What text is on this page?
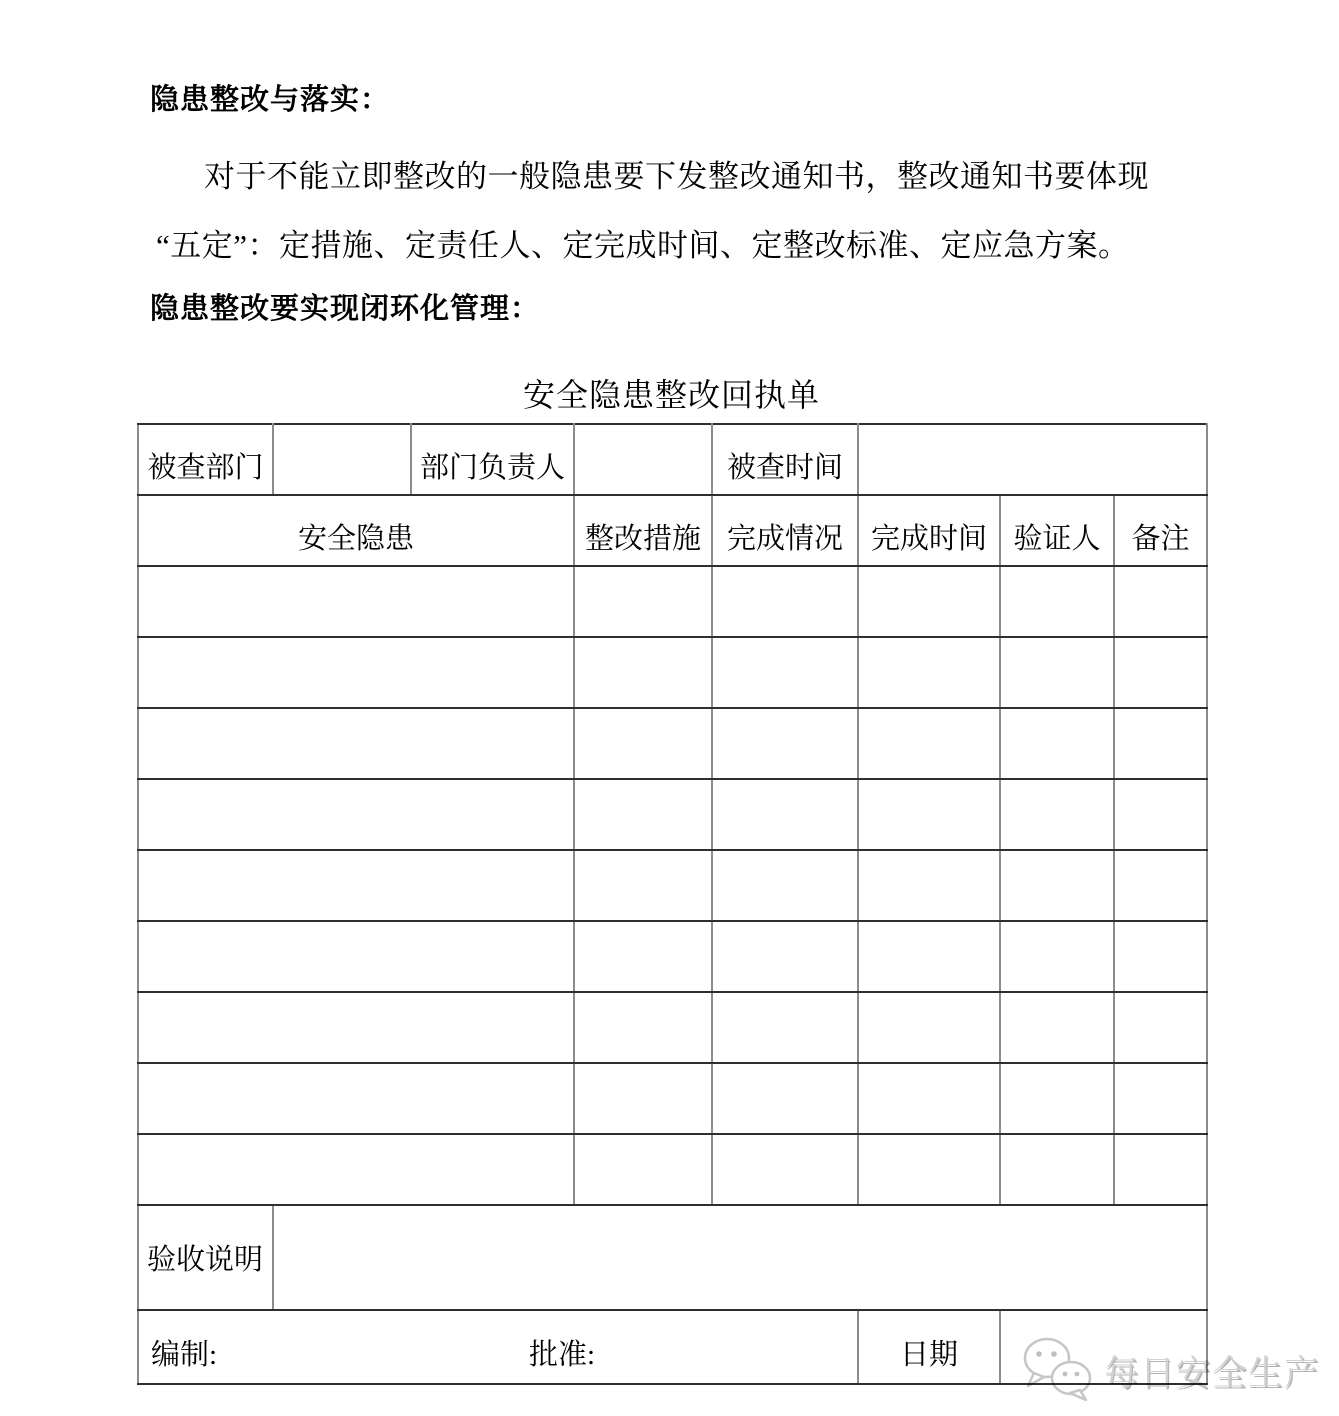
隐患整改与落实：
对于不能立即整改的一般隐患要下发整改通知书，整改通知书要体现
“五定”：定措施、定责任人、定完成时间、定整改标准、定应急方案。
隐患整改要实现闭环化管理：
安全隐患整改回执单
被查部门		部门负责人		被查时间			
安全隐患			整改措施	完成情况	完成时间	验证人	备注

验收说明							
编制: 批准:					日期			每日安全生产
